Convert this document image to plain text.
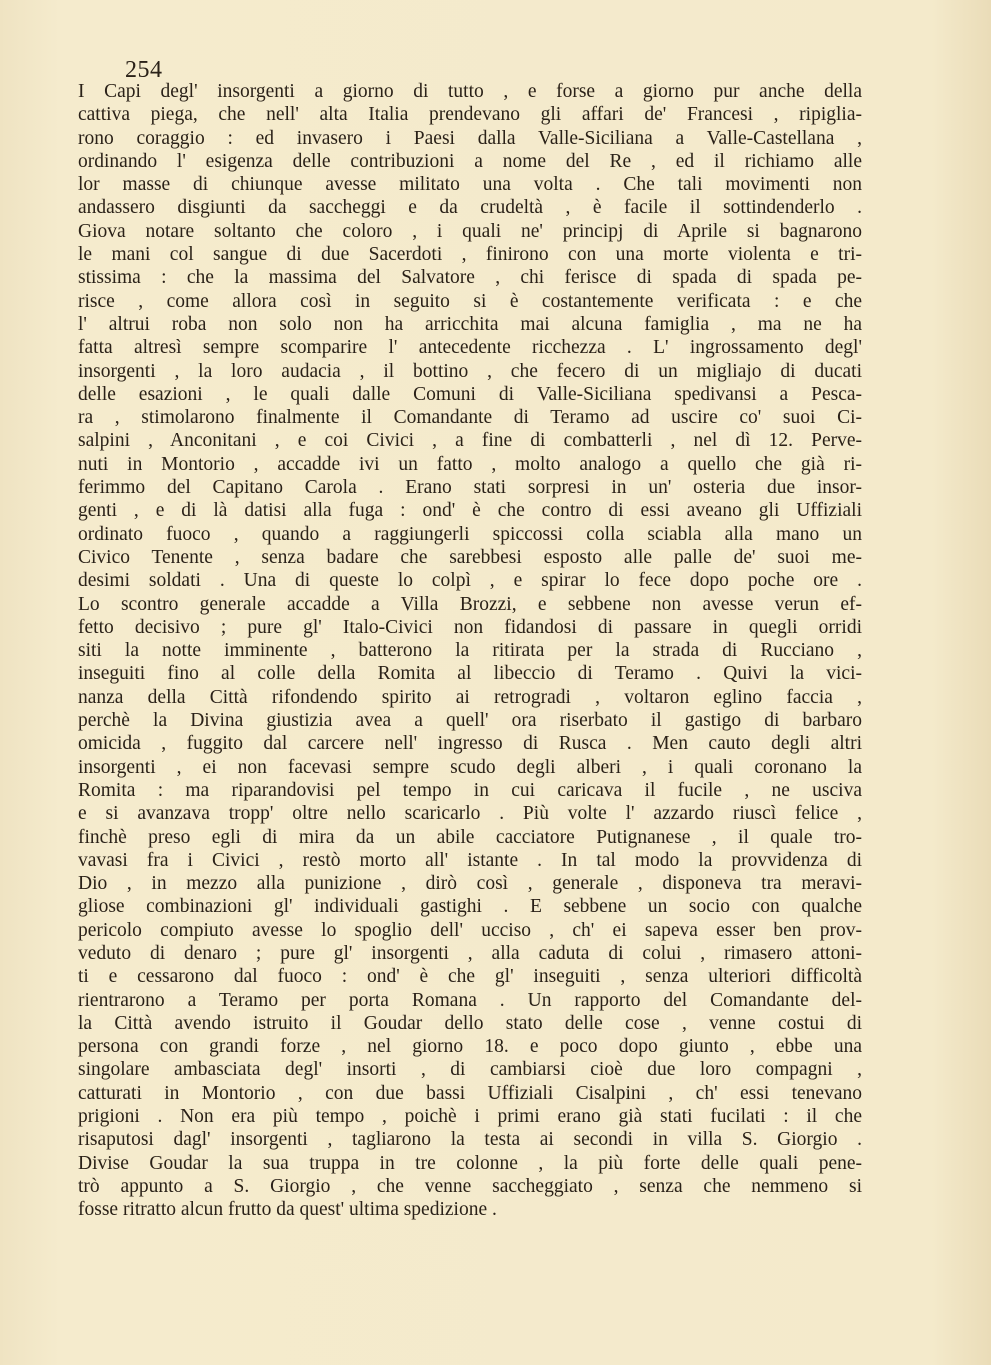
254
I Capi degl' insorgenti a giorno di tutto , e forse a giorno pur anche della
cattiva piega, che nell' alta Italia prendevano gli affari de' Francesi , ripiglia-
rono coraggio : ed invasero i Paesi dalla Valle-Siciliana a Valle-Castellana ,
ordinando l' esigenza delle contribuzioni a nome del Re , ed il richiamo alle
lor masse di chiunque avesse militato una volta . Che tali movimenti non
andassero disgiunti da saccheggi e da crudeltà , è facile il sottindenderlo .
Giova notare soltanto che coloro , i quali ne' principj di Aprile si bagnarono
le mani col sangue di due Sacerdoti , finirono con una morte violenta e tri-
stissima : che la massima del Salvatore , chi ferisce di spada di spada pe-
risce , come allora così in seguito si è costantemente verificata : e che
l' altrui roba non solo non ha arricchita mai alcuna famiglia , ma ne ha
fatta altresì sempre scomparire l' antecedente ricchezza . L' ingrossamento degl'
insorgenti , la loro audacia , il bottino , che fecero di un migliajo di ducati
delle esazioni , le quali dalle Comuni di Valle-Siciliana spedivansi a Pesca-
ra , stimolarono finalmente il Comandante di Teramo ad uscire co' suoi Ci-
salpini , Anconitani , e coi Civici , a fine di combatterli , nel dì 12. Perve-
nuti in Montorio , accadde ivi un fatto , molto analogo a quello che già ri-
ferimmo del Capitano Carola . Erano stati sorpresi in un' osteria due insor-
genti , e di là datisi alla fuga : ond' è che contro di essi aveano gli Uffiziali
ordinato fuoco , quando a raggiungerli spiccossi colla sciabla alla mano un
Civico Tenente , senza badare che sarebbesi esposto alle palle de' suoi me-
desimi soldati . Una di queste lo colpì , e spirar lo fece dopo poche ore .
Lo scontro generale accadde a Villa Brozzi, e sebbene non avesse verun ef-
fetto decisivo ; pure gl' Italo-Civici non fidandosi di passare in quegli orridi
siti la notte imminente , batterono la ritirata per la strada di Rucciano ,
inseguiti fino al colle della Romita al libeccio di Teramo . Quivi la vici-
nanza della Città rifondendo spirito ai retrogradi , voltaron eglino faccia ,
perchè la Divina giustizia avea a quell' ora riserbato il gastigo di barbaro
omicida , fuggito dal carcere nell' ingresso di Rusca . Men cauto degli altri
insorgenti , ei non facevasi sempre scudo degli alberi , i quali coronano la
Romita : ma riparandovisi pel tempo in cui caricava il fucile , ne usciva
e si avanzava tropp' oltre nello scaricarlo . Più volte l' azzardo riuscì felice ,
finchè preso egli di mira da un abile cacciatore Putignanese , il quale tro-
vavasi fra i Civici , restò morto all' istante . In tal modo la provvidenza di
Dio , in mezzo alla punizione , dirò così , generale , disponeva tra meravi-
gliose combinazioni gl' individuali gastighi . E sebbene un socio con qualche
pericolo compiuto avesse lo spoglio dell' ucciso , ch' ei sapeva esser ben prov-
veduto di denaro ; pure gl' insorgenti , alla caduta di colui , rimasero attoni-
ti e cessarono dal fuoco : ond' è che gl' inseguiti , senza ulteriori difficoltà
rientrarono a Teramo per porta Romana . Un rapporto del Comandante del-
la Città avendo istruito il Goudar dello stato delle cose , venne costui di
persona con grandi forze , nel giorno 18. e poco dopo giunto , ebbe una
singolare ambasciata degl' insorti , di cambiarsi cioè due loro compagni ,
catturati in Montorio , con due bassi Uffiziali Cisalpini , ch' essi tenevano
prigioni . Non era più tempo , poichè i primi erano già stati fucilati : il che
risaputosi dagl' insorgenti , tagliarono la testa ai secondi in villa S. Giorgio .
Divise Goudar la sua truppa in tre colonne , la più forte delle quali pene-
trò appunto a S. Giorgio , che venne saccheggiato , senza che nemmeno si
fosse ritratto alcun frutto da quest' ultima spedizione .
